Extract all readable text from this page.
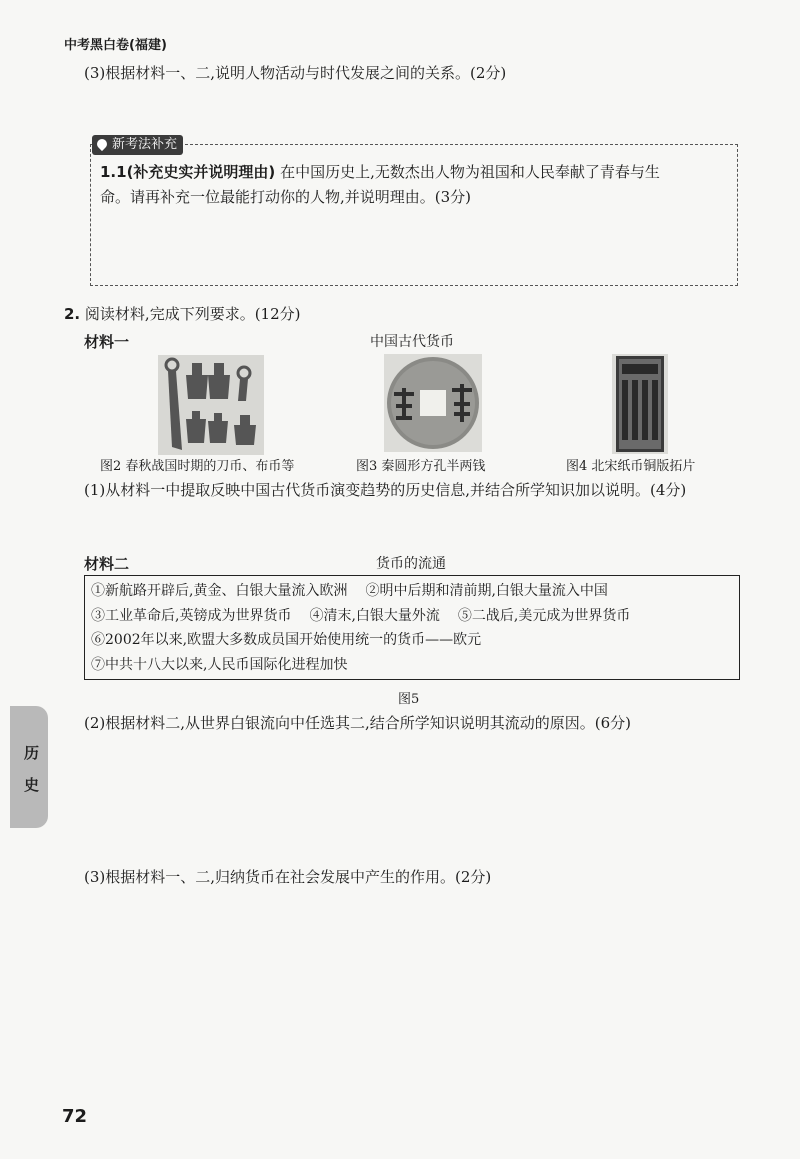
中考黑白卷(福建)
(3)根据材料一、二,说明人物活动与时代发展之间的关系。(2分)
新考法补充
1.1(补充史实并说明理由) 在中国历史上,无数杰出人物为祖国和人民奉献了青春与生
命。请再补充一位最能打动你的人物,并说明理由。(3分)
2. 阅读材料,完成下列要求。(12分)
材料一	中国古代货币
图2 春秋战国时期的刀币、布币等	图3 秦圆形方孔半两钱	图4 北宋纸币铜版拓片
(1)从材料一中提取反映中国古代货币演变趋势的历史信息,并结合所学知识加以说明。(4分)
材料二	货币的流通
①新航路开辟后,黄金、白银大量流入欧洲 ②明中后期和清前期,白银大量流入中国
③工业革命后,英镑成为世界货币 ④清末,白银大量外流 ⑤二战后,美元成为世界货币
⑥2002年以来,欧盟大多数成员国开始使用统一的货币——欧元
⑦中共十八大以来,人民币国际化进程加快
图5
(2)根据材料二,从世界白银流向中任选其二,结合所学知识说明其流动的原因。(6分)
(3)根据材料一、二,归纳货币在社会发展中产生的作用。(2分)
历
史
72
